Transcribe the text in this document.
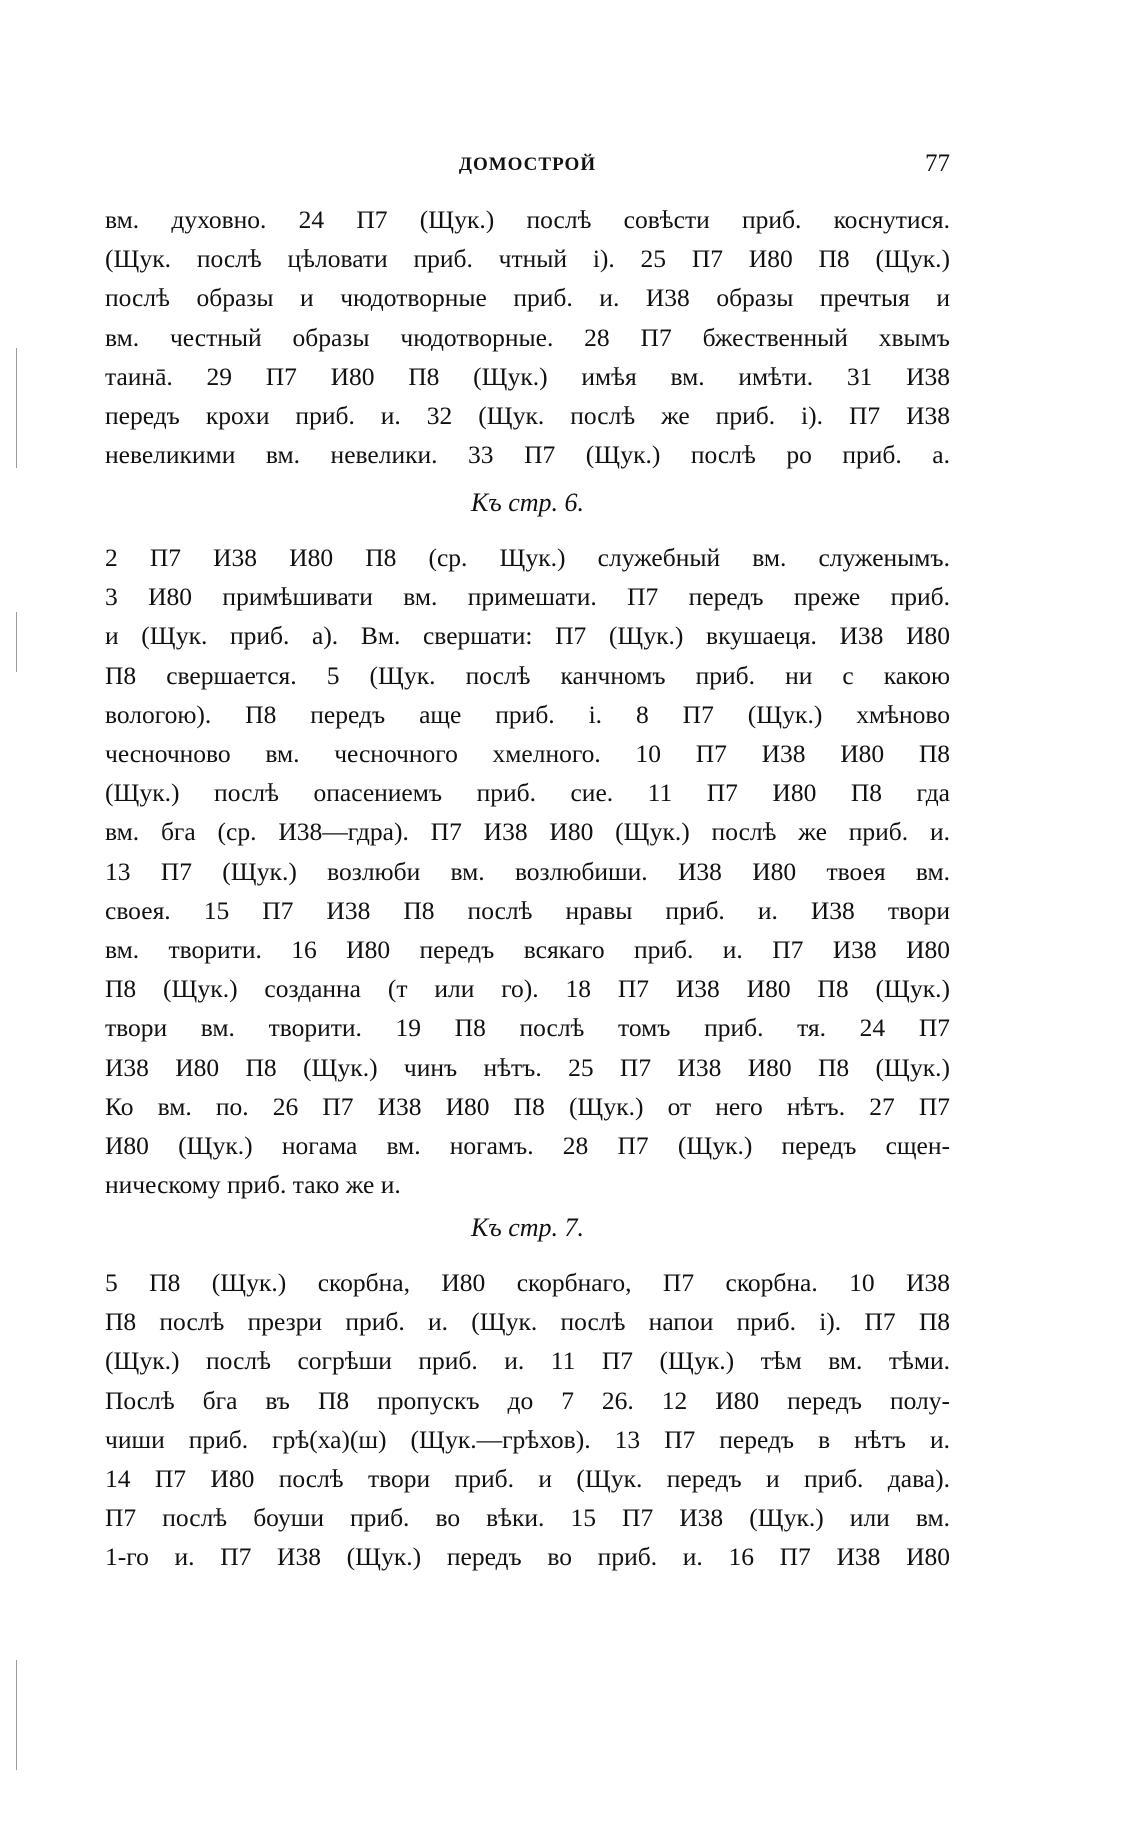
ДОМОСТРОЙ	77
вм. духовно. 24 П7 (Щук.) послѣ совѣсти приб. коснутися.
(Щук. послѣ цѣловати приб. чтный і). 25 П7 И80 П8 (Щук.)
послѣ образы и чюдотворные приб. и. И38 образы пречтыя и
вм. честный образы чюдотворные. 28 П7 бжественный хвымъ
таинā. 29 П7 И80 П8 (Щук.) имѣя вм. имѣти. 31 И38
передъ крохи приб. и. 32 (Щук. послѣ же приб. і). П7 И38
невеликими вм. невелики. 33 П7 (Щук.) послѣ ро приб. а.
Къ стр. 6.
2 П7 И38 И80 П8 (ср. Щук.) служебный вм. служенымъ.
3 И80 примѣшивати вм. примешати. П7 передъ преже приб.
и (Щук. приб. а). Вм. свершати: П7 (Щук.) вкушаеця. И38 И80
П8 свершается. 5 (Щук. послѣ канчномъ приб. ни с какою
вологою). П8 передъ аще приб. і. 8 П7 (Щук.) хмѣново
чесночново вм. чесночного хмелного. 10 П7 И38 И80 П8
(Щук.) послѣ опасениемъ приб. сие. 11 П7 И80 П8 гда
вм. бга (ср. И38—гдра). П7 И38 И80 (Щук.) послѣ же приб. и.
13 П7 (Щук.) возлюби вм. возлюбиши. И38 И80 твоея вм.
своея. 15 П7 И38 П8 послѣ нравы приб. и. И38 твори
вм. творити. 16 И80 передъ всякаго приб. и. П7 И38 И80
П8 (Щук.) созданна (т или го). 18 П7 И38 И80 П8 (Щук.)
твори вм. творити. 19 П8 послѣ томъ приб. тя. 24 П7
И38 И80 П8 (Щук.) чинъ нѣтъ. 25 П7 И38 И80 П8 (Щук.)
Ко вм. по. 26 П7 И38 И80 П8 (Щук.) от него нѣтъ. 27 П7
И80 (Щук.) ногама вм. ногамъ. 28 П7 (Щук.) передъ сщен-
ническому приб. тако же и.
Къ стр. 7.
5 П8 (Щук.) скорбна, И80 скорбнаго, П7 скорбна. 10 И38
П8 послѣ презри приб. и. (Щук. послѣ напои приб. і). П7 П8
(Щук.) послѣ согрѣши приб. и. 11 П7 (Щук.) тѣм вм. тѣми.
Послѣ бга въ П8 пропускъ до 7 26. 12 И80 передъ полу-
чиши приб. грѣ(ха)(ш) (Щук.—грѣхов). 13 П7 передъ в нѣтъ и.
14 П7 И80 послѣ твори приб. и (Щук. передъ и приб. дава).
П7 послѣ боуши приб. во вѣки. 15 П7 И38 (Щук.) или вм.
1-го и. П7 И38 (Щук.) передъ во приб. и. 16 П7 И38 И80
